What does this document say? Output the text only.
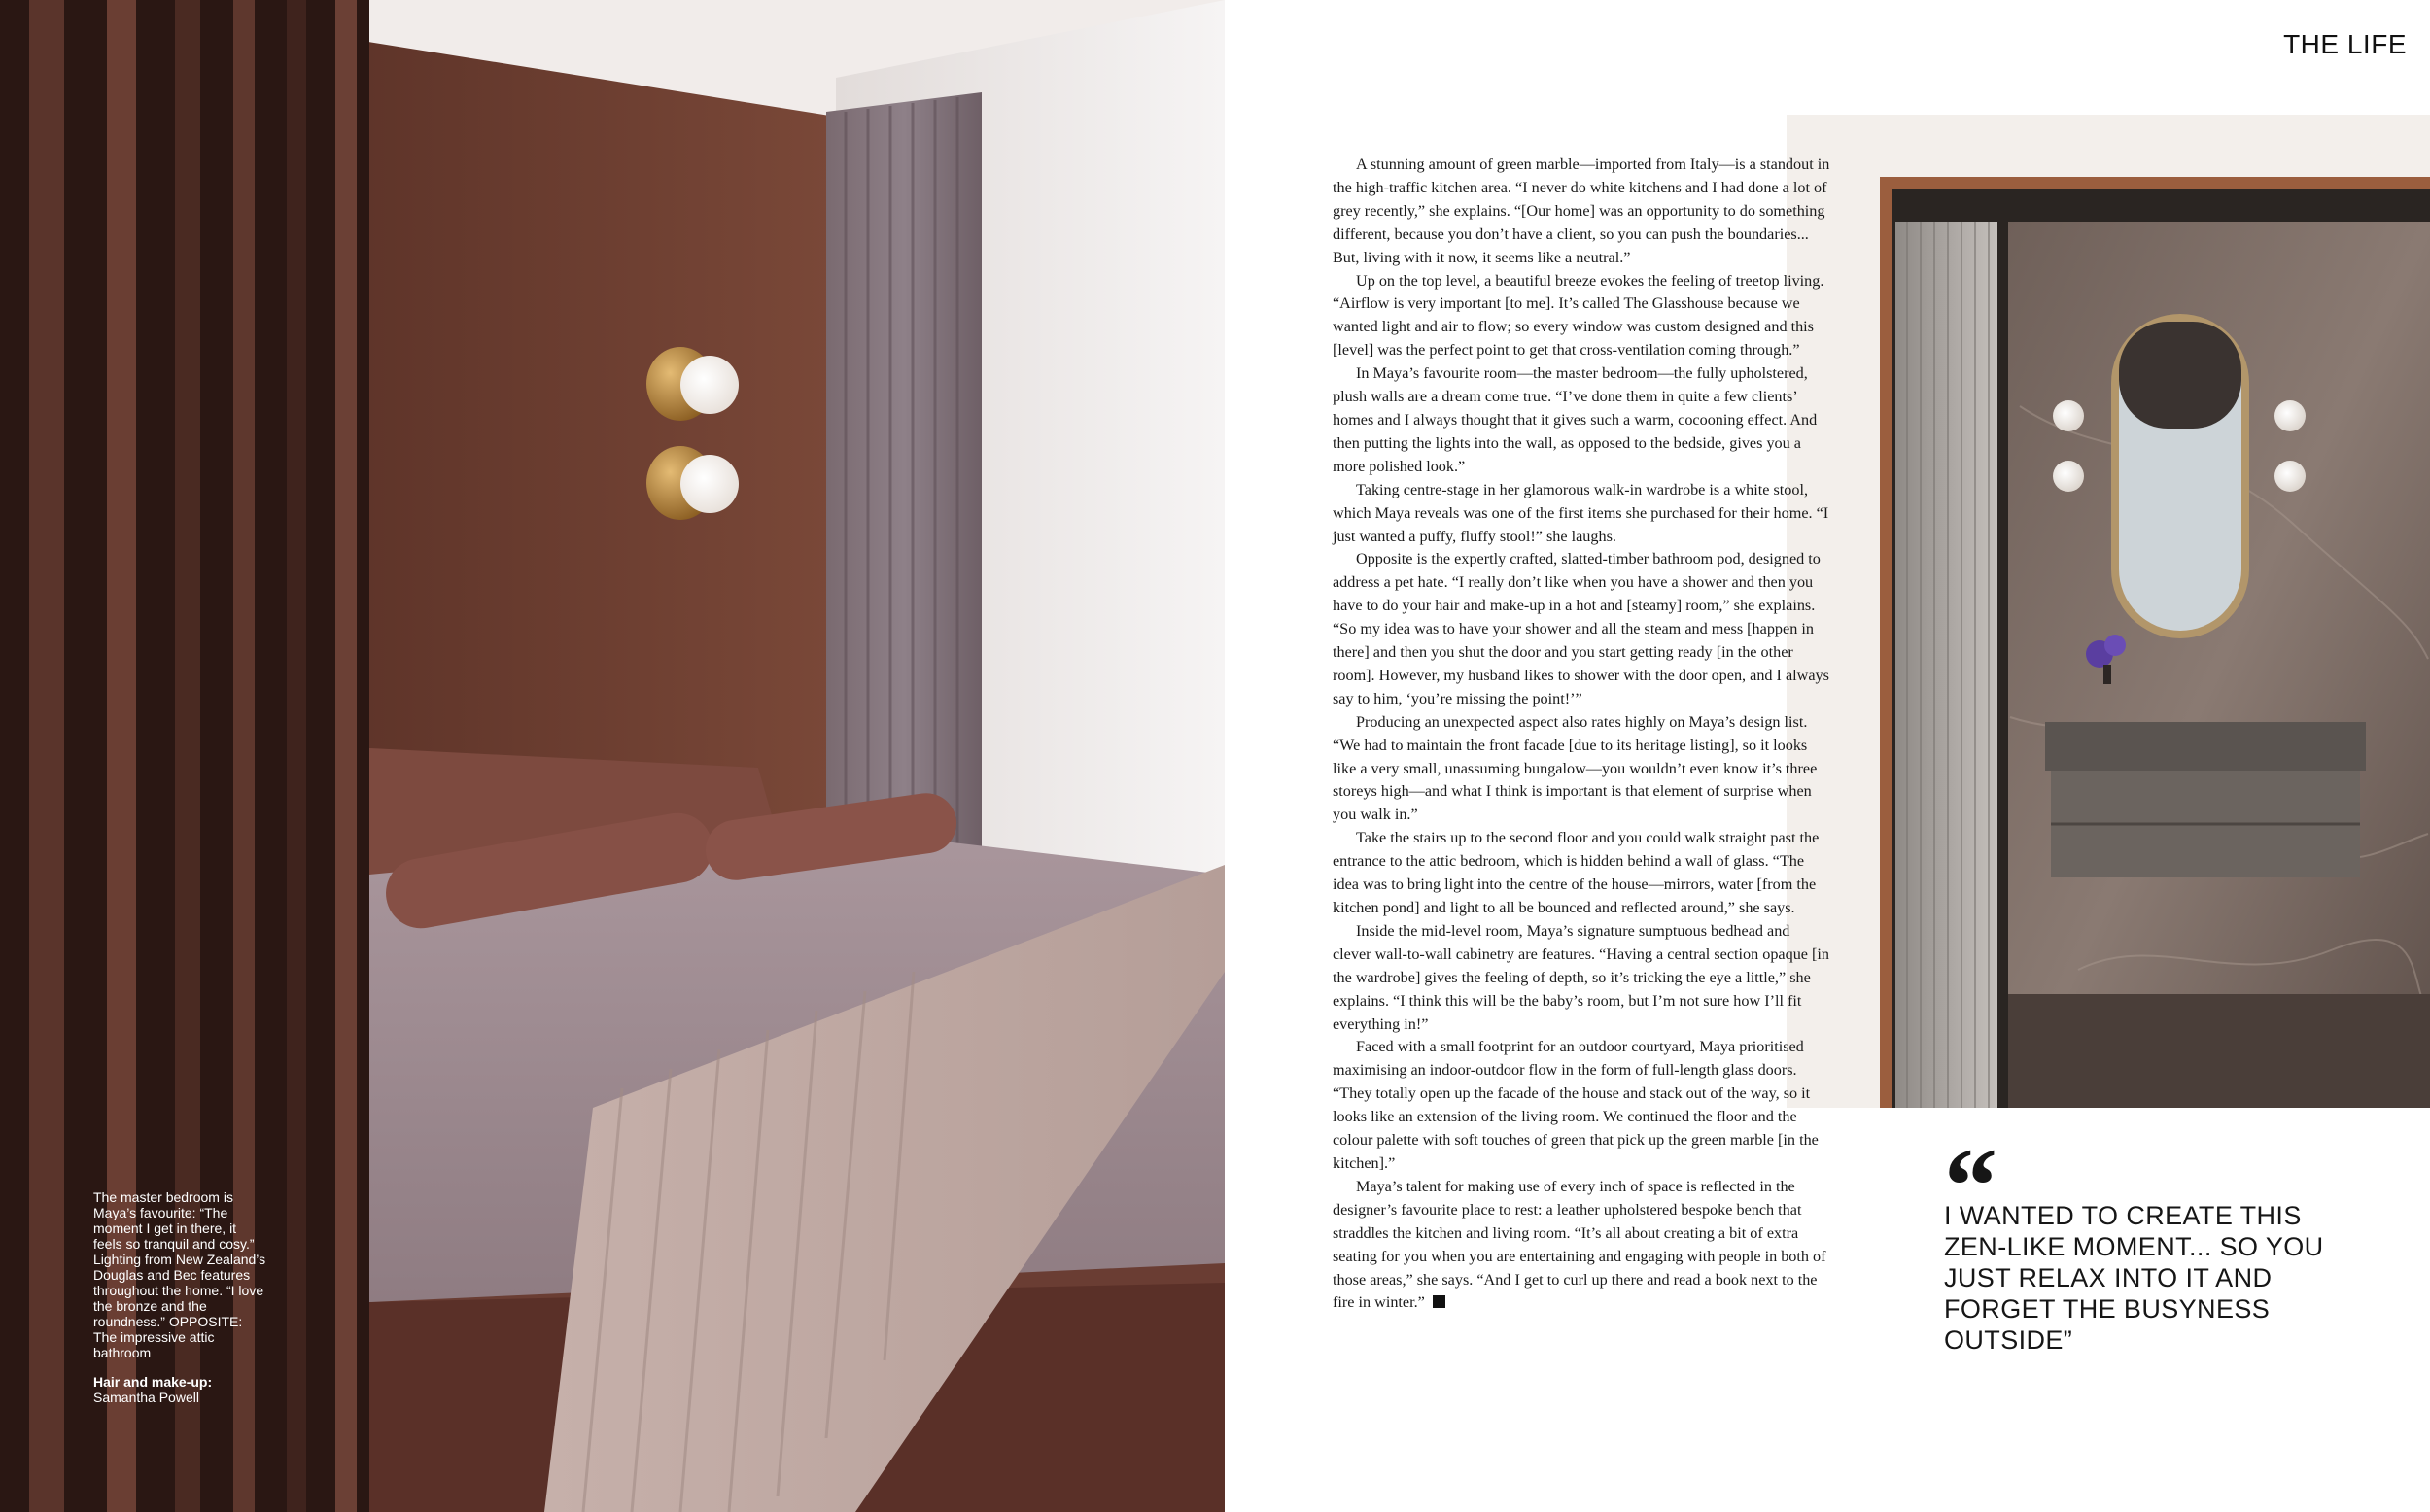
The master bedroom is Maya’s favourite: “The moment I get in there, it feels so tranquil and cosy.” Lighting from New Zealand’s Douglas and Bec features throughout the home. “I love the bronze and the roundness.” OPPOSITE: The impressive attic bathroom

Hair and make-up:
Samantha Powell

THE LIFE

A stunning amount of green marble—imported from Italy—is a standout in the high-traffic kitchen area. “I never do white kitchens and I had done a lot of grey recently,” she explains. “[Our home] was an opportunity to do something different, because you don’t have a client, so you can push the boundaries... But, living with it now, it seems like a neutral.”

Up on the top level, a beautiful breeze evokes the feeling of treetop living. “Airflow is very important [to me]. It’s called The Glasshouse because we wanted light and air to flow; so every window was custom designed and this [level] was the perfect point to get that cross-ventilation coming through.”

In Maya’s favourite room—the master bedroom—the fully upholstered, plush walls are a dream come true. “I’ve done them in quite a few clients’ homes and I always thought that it gives such a warm, cocooning effect. And then putting the lights into the wall, as opposed to the bedside, gives you a more polished look.”

Taking centre-stage in her glamorous walk-in wardrobe is a white stool, which Maya reveals was one of the first items she purchased for their home. “I just wanted a puffy, fluffy stool!” she laughs.

Opposite is the expertly crafted, slatted-timber bathroom pod, designed to address a pet hate. “I really don’t like when you have a shower and then you have to do your hair and make-up in a hot and [steamy] room,” she explains. “So my idea was to have your shower and all the steam and mess [happen in there] and then you shut the door and you start getting ready [in the other room]. However, my husband likes to shower with the door open, and I always say to him, ‘you’re missing the point!’”

Producing an unexpected aspect also rates highly on Maya’s design list. “We had to maintain the front facade [due to its heritage listing], so it looks like a very small, unassuming bungalow—you wouldn’t even know it’s three storeys high—and what I think is important is that element of surprise when you walk in.”

Take the stairs up to the second floor and you could walk straight past the entrance to the attic bedroom, which is hidden behind a wall of glass. “The idea was to bring light into the centre of the house—mirrors, water [from the kitchen pond] and light to all be bounced and reflected around,” she says.

Inside the mid-level room, Maya’s signature sumptuous bedhead and clever wall-to-wall cabinetry are features. “Having a central section opaque [in the wardrobe] gives the feeling of depth, so it’s tricking the eye a little,” she explains. “I think this will be the baby’s room, but I’m not sure how I’ll fit everything in!”

Faced with a small footprint for an outdoor courtyard, Maya prioritised maximising an indoor-outdoor flow in the form of full-length glass doors. “They totally open up the facade of the house and stack out of the way, so it looks like an extension of the living room. We continued the floor and the colour palette with soft touches of green that pick up the green marble [in the kitchen].”

Maya’s talent for making use of every inch of space is reflected in the designer’s favourite place to rest: a leather upholstered bespoke bench that straddles the kitchen and living room. “It’s all about creating a bit of extra seating for you when you are entertaining and engaging with people in both of those areas,” she says. “And I get to curl up there and read a book next to the fire in winter.”

“
I WANTED TO CREATE THIS ZEN-LIKE MOMENT... SO YOU JUST RELAX INTO IT AND FORGET THE BUSYNESS OUTSIDE”
